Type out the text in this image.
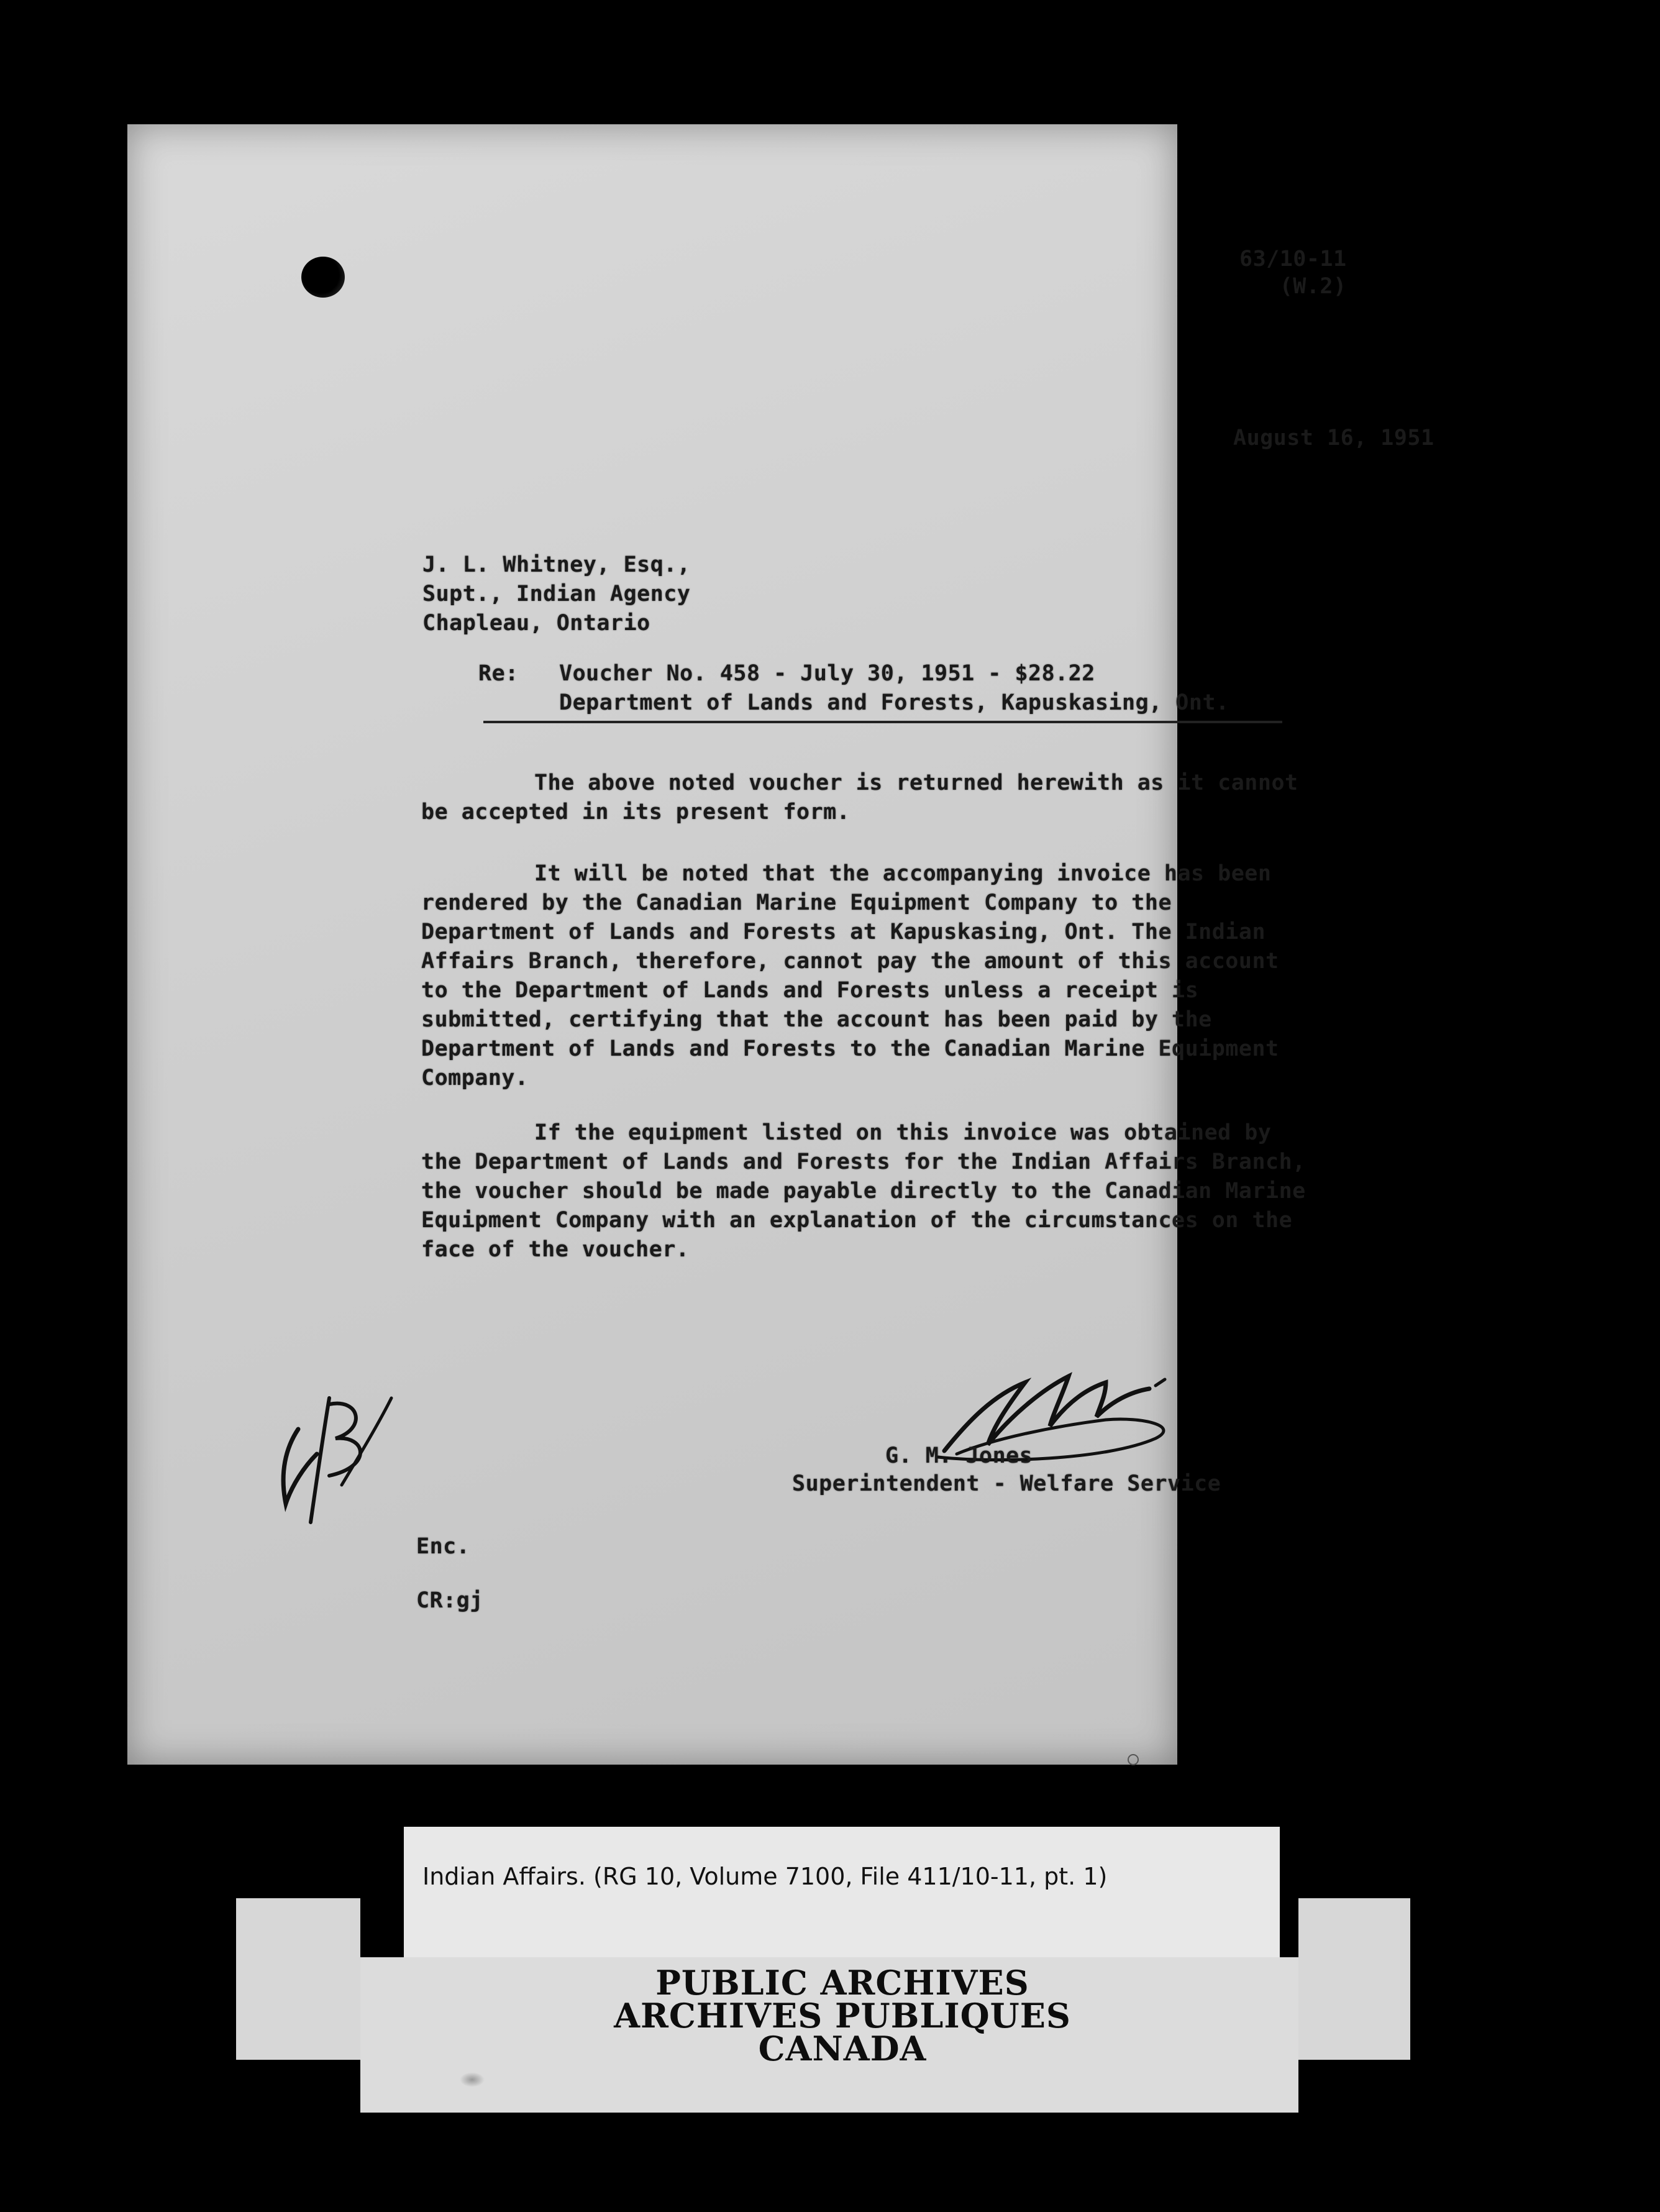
63/10-11
(W.2)
August 16, 1951
J. L. Whitney, Esq.,
Supt., Indian Agency
Chapleau, Ontario
Re: Voucher No. 458 - July 30, 1951 - $28.22
Department of Lands and Forests, Kapuskasing, Ont.
The above noted voucher is returned herewith as it cannot be accepted in its present form.
It will be noted that the accompanying invoice has been rendered by the Canadian Marine Equipment Company to the Department of Lands and Forests at Kapuskasing, Ont. The Indian Affairs Branch, therefore, cannot pay the amount of this account to the Department of Lands and Forests unless a receipt is submitted, certifying that the account has been paid by the Department of Lands and Forests to the Canadian Marine Equipment Company.
If the equipment listed on this invoice was obtained by the Department of Lands and Forests for the Indian Affairs Branch, the voucher should be made payable directly to the Canadian Marine Equipment Company with an explanation of the circumstances on the face of the voucher.
G. M. Jones
Superintendent - Welfare Service
Enc.
CR:gj
Indian Affairs. (RG 10, Volume 7100, File 411/10-11, pt. 1)
PUBLIC ARCHIVES
ARCHIVES PUBLIQUES
CANADA
